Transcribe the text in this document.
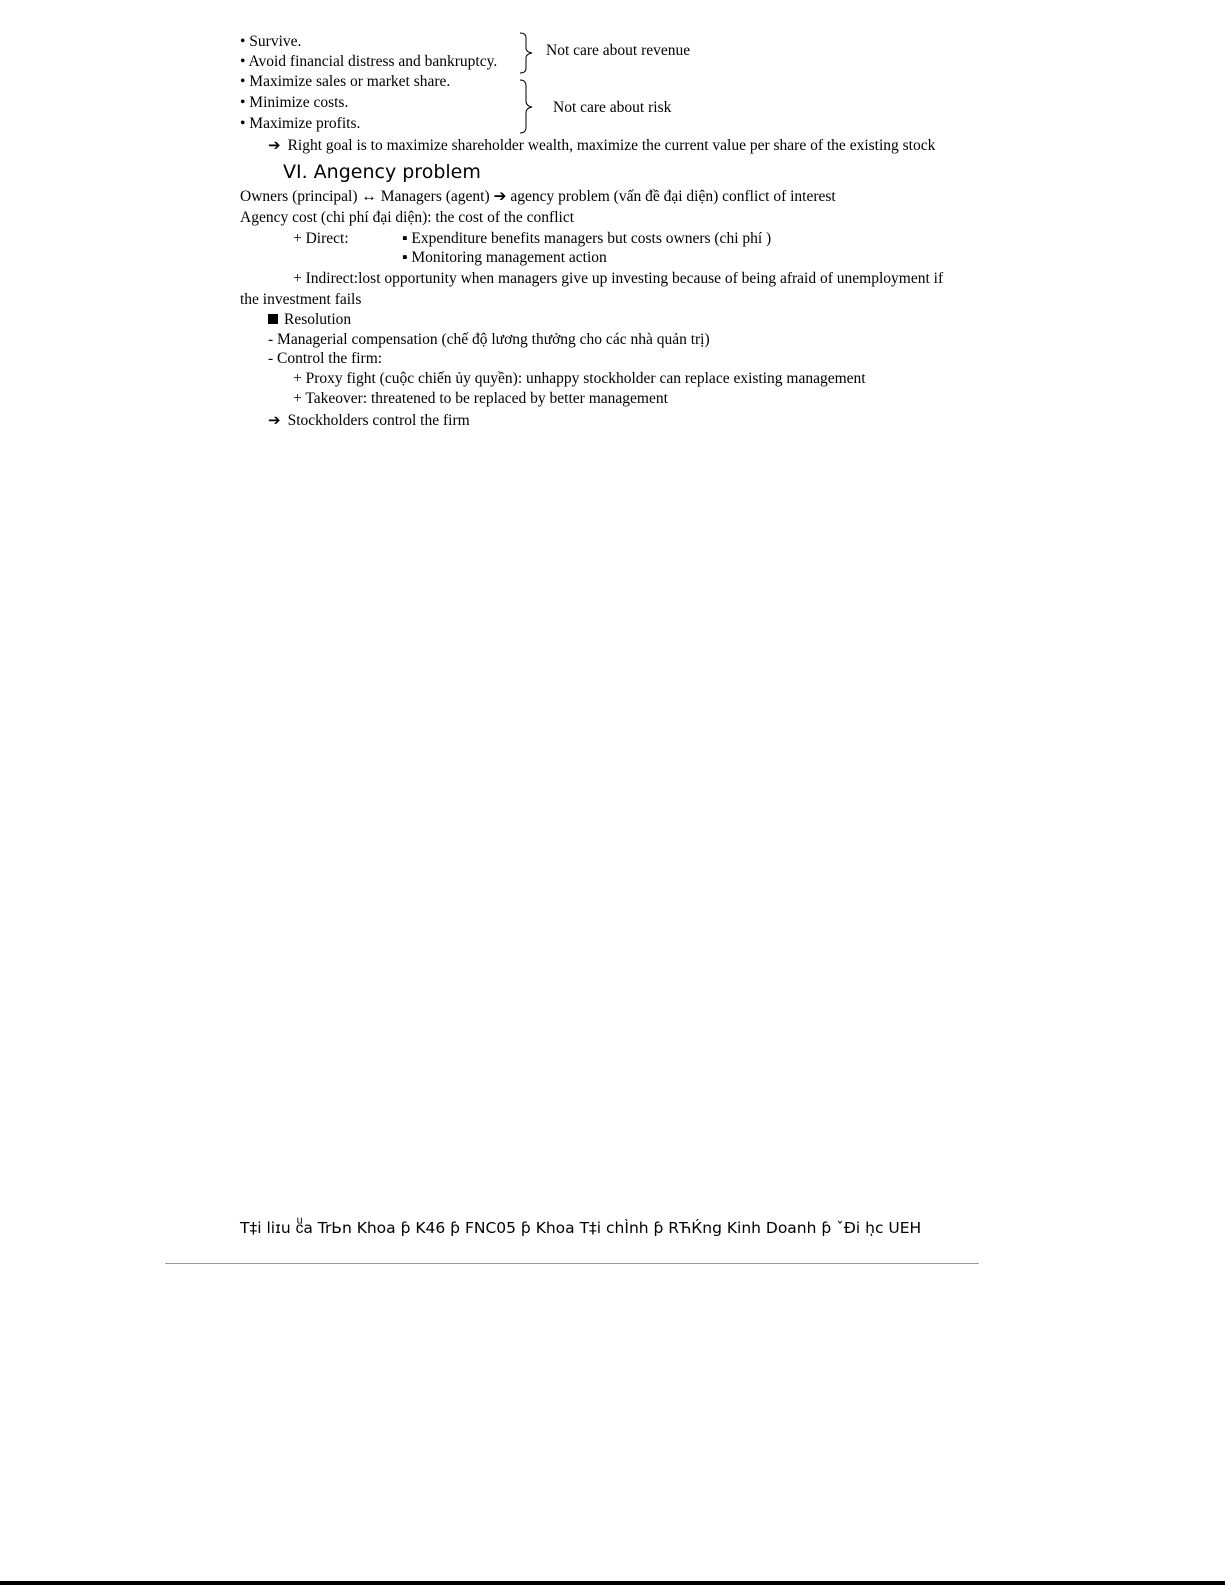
• Survive.
• Avoid financial distress and bankruptcy.
• Maximize sales or market share.
• Minimize costs.
• Maximize profits.
Not care about revenue
Not care about risk
➔ Right goal is to maximize shareholder wealth, maximize the current value per share of the existing stock
VI. Angency problem
Owners (principal) ↔ Managers (agent) ➔ agency problem (vấn đề đại diện) conflict of interest
Agency cost (chi phí đại diện): the cost of the conflict
+ Direct:	▪ Expenditure benefits managers but costs owners (chi phí )
▪ Monitoring management action
+ Indirect:lost opportunity when managers give up investing because of being afraid of unemployment if
the investment fails
Resolution
- Managerial compensation (chế độ lương thưởng cho các nhà quản trị)
- Control the firm:
+ Proxy fight (cuộc chiến ủy quyền): unhappy stockholder can replace existing management
+ Takeover: threatened to be replaced by better management
➔ Stockholders control the firm
T‡i liɪu cͧa TrЬn Khoa ƥ K46 ƥ FNC05 ƥ Khoa T‡i chÌnh ƥ RЋЌng Kinh Doanh ƥ ˇĐi hͅc UEH
